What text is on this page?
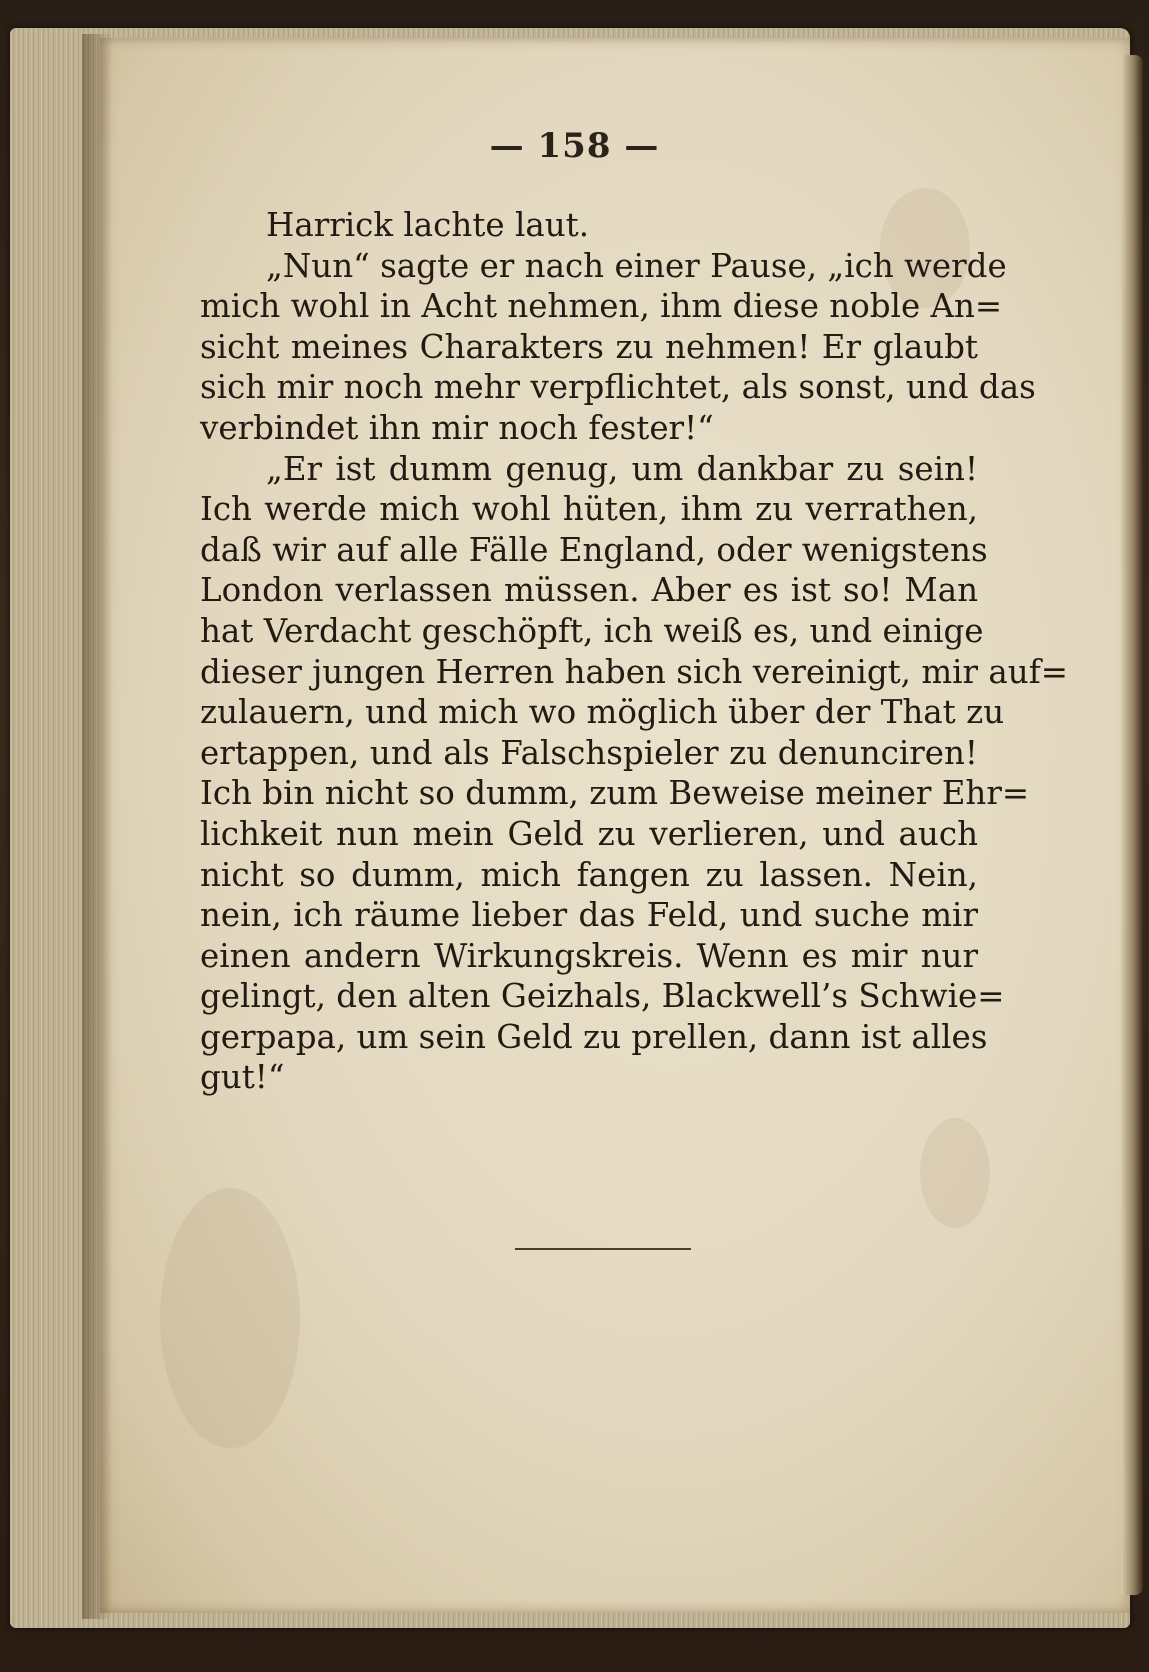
— 158 —
Harrick lachte laut.
„Nun“ sagte er nach einer Pause, „ich werde
mich wohl in Acht nehmen, ihm diese noble An=
sicht meines Charakters zu nehmen! Er glaubt
sich mir noch mehr verpflichtet, als sonst, und das
verbindet ihn mir noch fester!“
„Er ist dumm genug, um dankbar zu sein!
Ich werde mich wohl hüten, ihm zu verrathen,
daß wir auf alle Fälle England, oder wenigstens
London verlassen müssen. Aber es ist so! Man
hat Verdacht geschöpft, ich weiß es, und einige
dieser jungen Herren haben sich vereinigt, mir auf=
zulauern, und mich wo möglich über der That zu
ertappen, und als Falschspieler zu denunciren!
Ich bin nicht so dumm, zum Beweise meiner Ehr=
lichkeit nun mein Geld zu verlieren, und auch
nicht so dumm, mich fangen zu lassen. Nein,
nein, ich räume lieber das Feld, und suche mir
einen andern Wirkungskreis. Wenn es mir nur
gelingt, den alten Geizhals, Blackwell’s Schwie=
gerpapa, um sein Geld zu prellen, dann ist alles
gut!“
